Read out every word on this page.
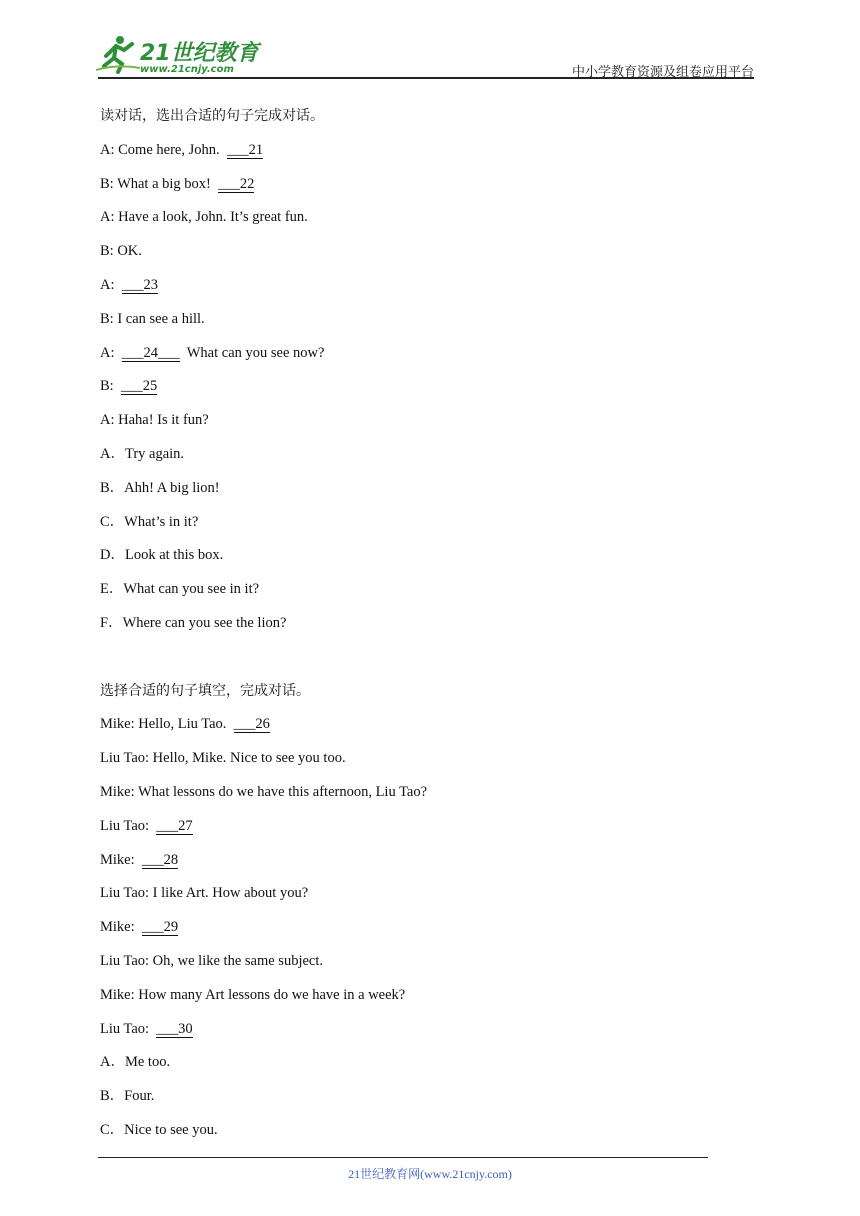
21世纪教育
www.21cnjy.com	中小学教育资源及组卷应用平台
读对话，选出合适的句子完成对话。
A: Come here, John.  ___21
B: What a big box!  ___22
A: Have a look, John. It’s great fun.
B: OK.
A:  ___23
B: I can see a hill.
A:  ___24___  What can you see now?
B:  ___25
A: Haha! Is it fun?
A．Try again.
B．Ahh! A big lion!
C．What’s in it?
D．Look at this box.
E．What can you see in it?
F．Where can you see the lion?
选择合适的句子填空，完成对话。
Mike: Hello, Liu Tao.  ___26
Liu Tao: Hello, Mike. Nice to see you too.
Mike: What lessons do we have this afternoon, Liu Tao?
Liu Tao:  ___27
Mike:  ___28
Liu Tao: I like Art. How about you?
Mike:  ___29
Liu Tao: Oh, we like the same subject.
Mike: How many Art lessons do we have in a week?
Liu Tao:  ___30
A．Me too.
B．Four.
C．Nice to see you.
21世纪教育网(www.21cnjy.com)
